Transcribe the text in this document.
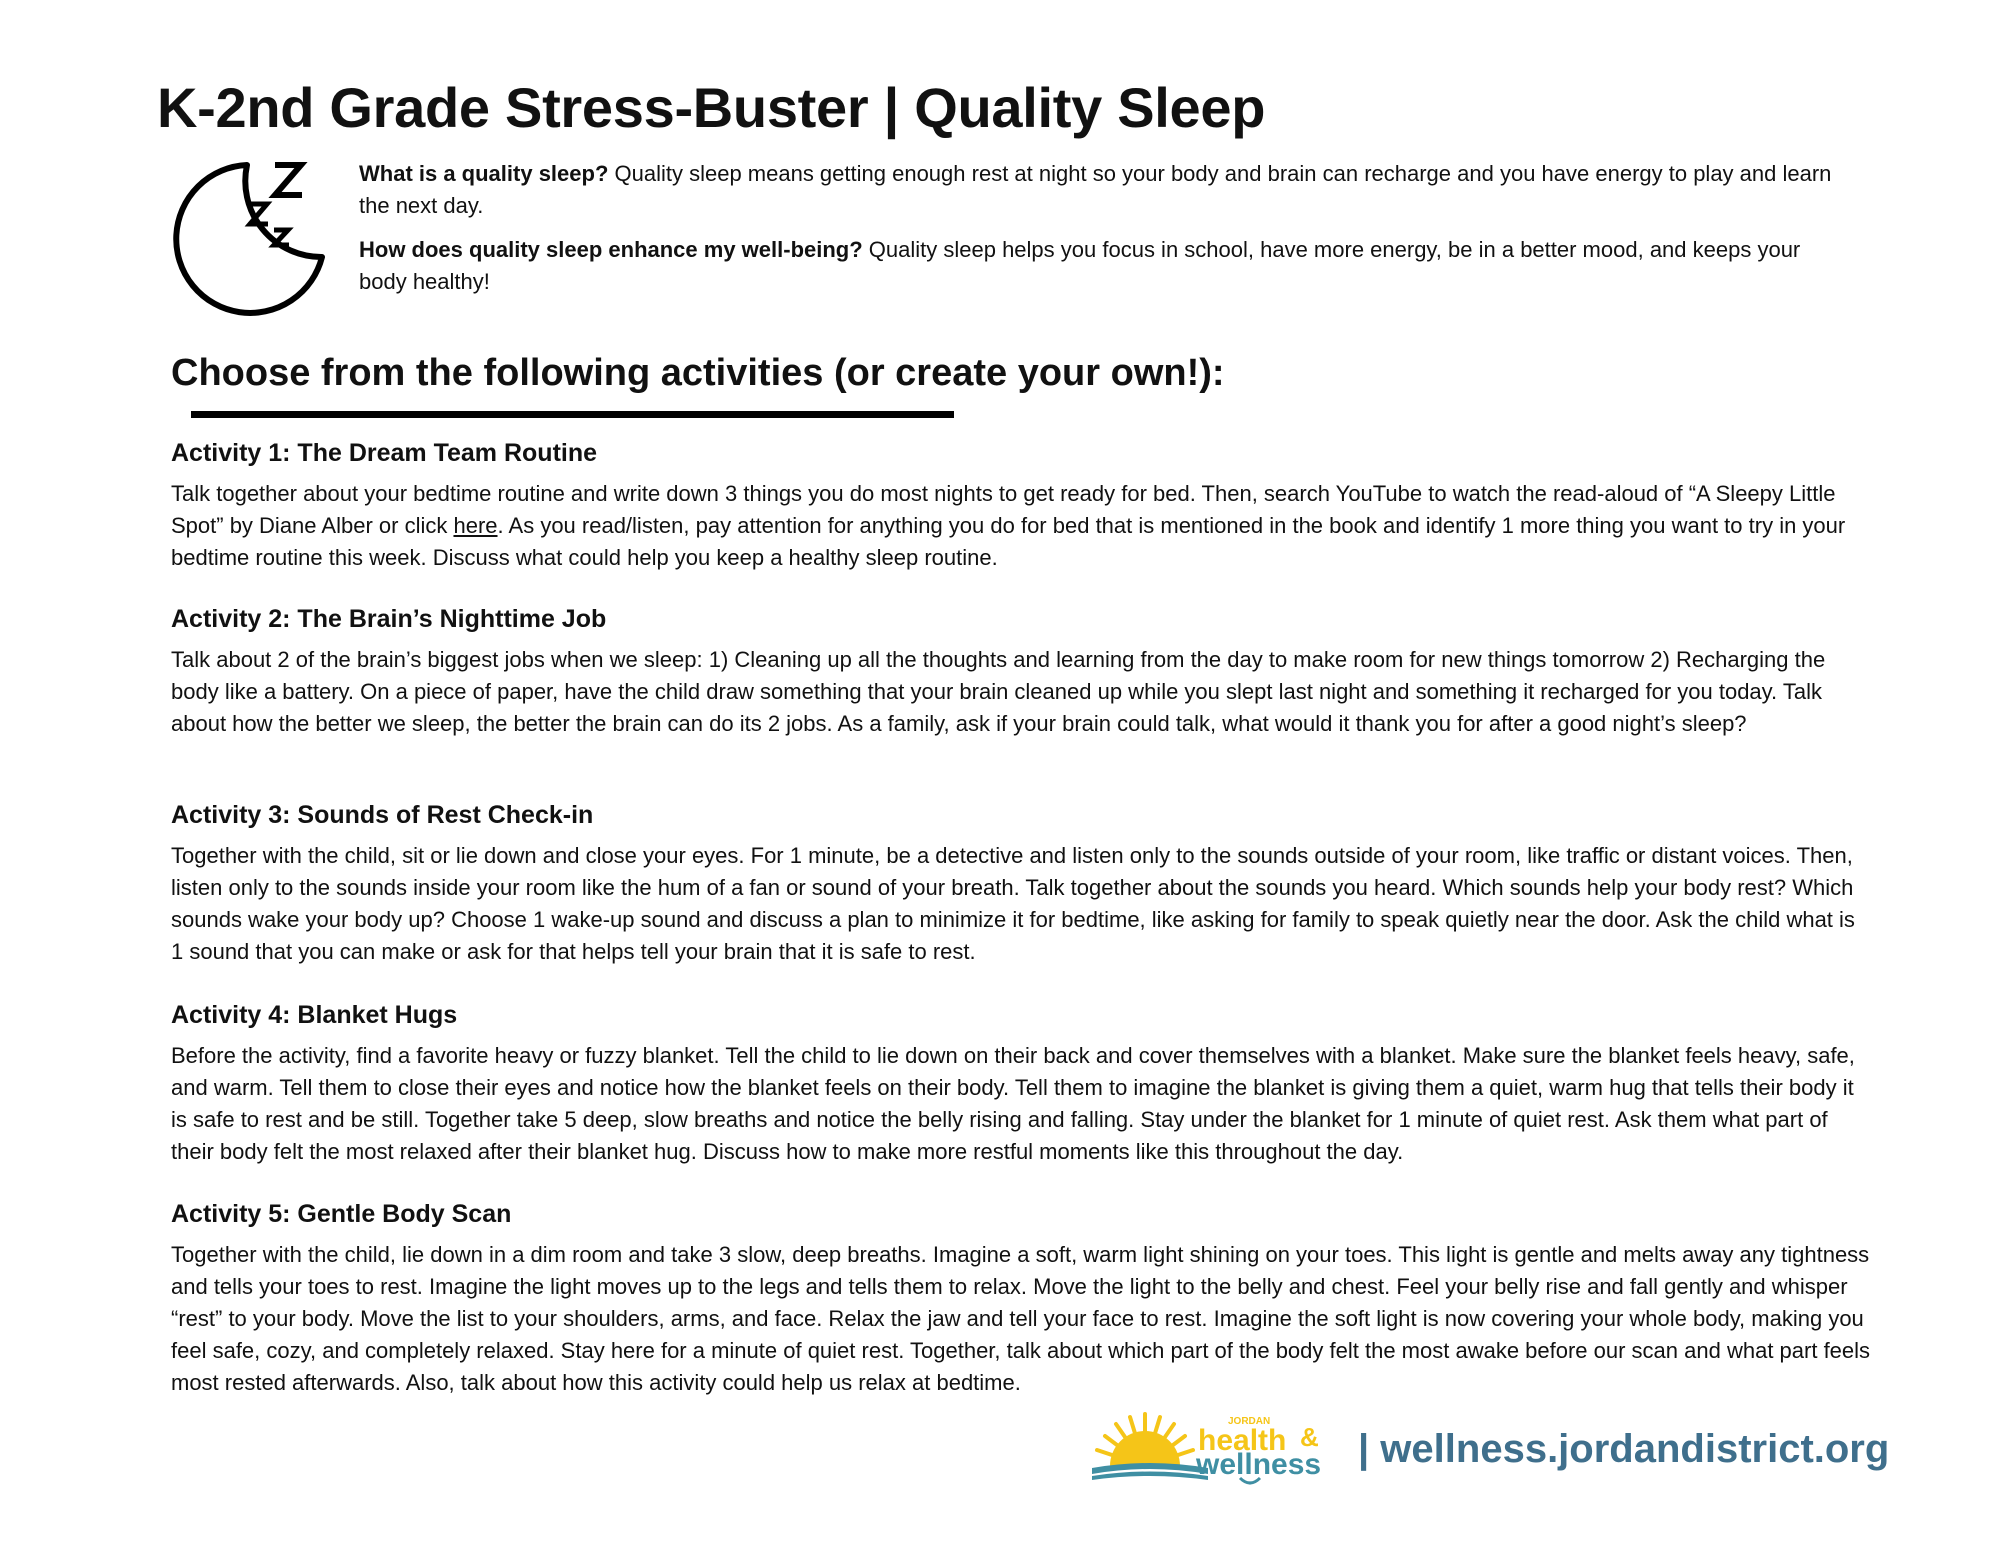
K-2nd Grade Stress-Buster | Quality Sleep

What is a quality sleep? Quality sleep means getting enough rest at night so your body and brain can recharge and you have energy to play and learn the next day.

How does quality sleep enhance my well-being? Quality sleep helps you focus in school, have more energy, be in a better mood, and keeps your body healthy!

Choose from the following activities (or create your own!):
Activity 1: The Dream Team Routine

Talk together about your bedtime routine and write down 3 things you do most nights to get ready for bed. Then, search YouTube to watch the read-aloud of “A Sleepy Little Spot” by Diane Alber or click here. As you read/listen, pay attention for anything you do for bed that is mentioned in the book and identify 1 more thing you want to try in your bedtime routine this week. Discuss what could help you keep a healthy sleep routine.

Activity 2: The Brain’s Nighttime Job

Talk about 2 of the brain’s biggest jobs when we sleep: 1) Cleaning up all the thoughts and learning from the day to make room for new things tomorrow 2) Recharging the body like a battery. On a piece of paper, have the child draw something that your brain cleaned up while you slept last night and something it recharged for you today. Talk about how the better we sleep, the better the brain can do its 2 jobs. As a family, ask if your brain could talk, what would it thank you for after a good night’s sleep?

Activity 3: Sounds of Rest Check-in

Together with the child, sit or lie down and close your eyes. For 1 minute, be a detective and listen only to the sounds outside of your room, like traffic or distant voices. Then, listen only to the sounds inside your room like the hum of a fan or sound of your breath. Talk together about the sounds you heard. Which sounds help your body rest? Which sounds wake your body up? Choose 1 wake-up sound and discuss a plan to minimize it for bedtime, like asking for family to speak quietly near the door. Ask the child what is 1 sound that you can make or ask for that helps tell your brain that it is safe to rest.

Activity 4: Blanket Hugs

Before the activity, find a favorite heavy or fuzzy blanket. Tell the child to lie down on their back and cover themselves with a blanket. Make sure the blanket feels heavy, safe, and warm. Tell them to close their eyes and notice how the blanket feels on their body. Tell them to imagine the blanket is giving them a quiet, warm hug that tells their body it is safe to rest and be still. Together take 5 deep, slow breaths and notice the belly rising and falling. Stay under the blanket for 1 minute of quiet rest. Ask them what part of their body felt the most relaxed after their blanket hug. Discuss how to make more restful moments like this throughout the day.

Activity 5: Gentle Body Scan

Together with the child, lie down in a dim room and take 3 slow, deep breaths. Imagine a soft, warm light shining on your toes. This light is gentle and melts away any tightness and tells your toes to rest. Imagine the light moves up to the legs and tells them to relax. Move the light to the belly and chest. Feel your belly rise and fall gently and whisper “rest” to your body. Move the list to your shoulders, arms, and face. Relax the jaw and tell your face to rest. Imagine the soft light is now covering your whole body, making you feel safe, cozy, and completely relaxed. Stay here for a minute of quiet rest. Together, talk about which part of the body felt the most awake before our scan and what part feels most rested afterwards. Also, talk about how this activity could help us relax at bedtime.

JORDAN
health &
wellness | wellness.jordandistrict.org
